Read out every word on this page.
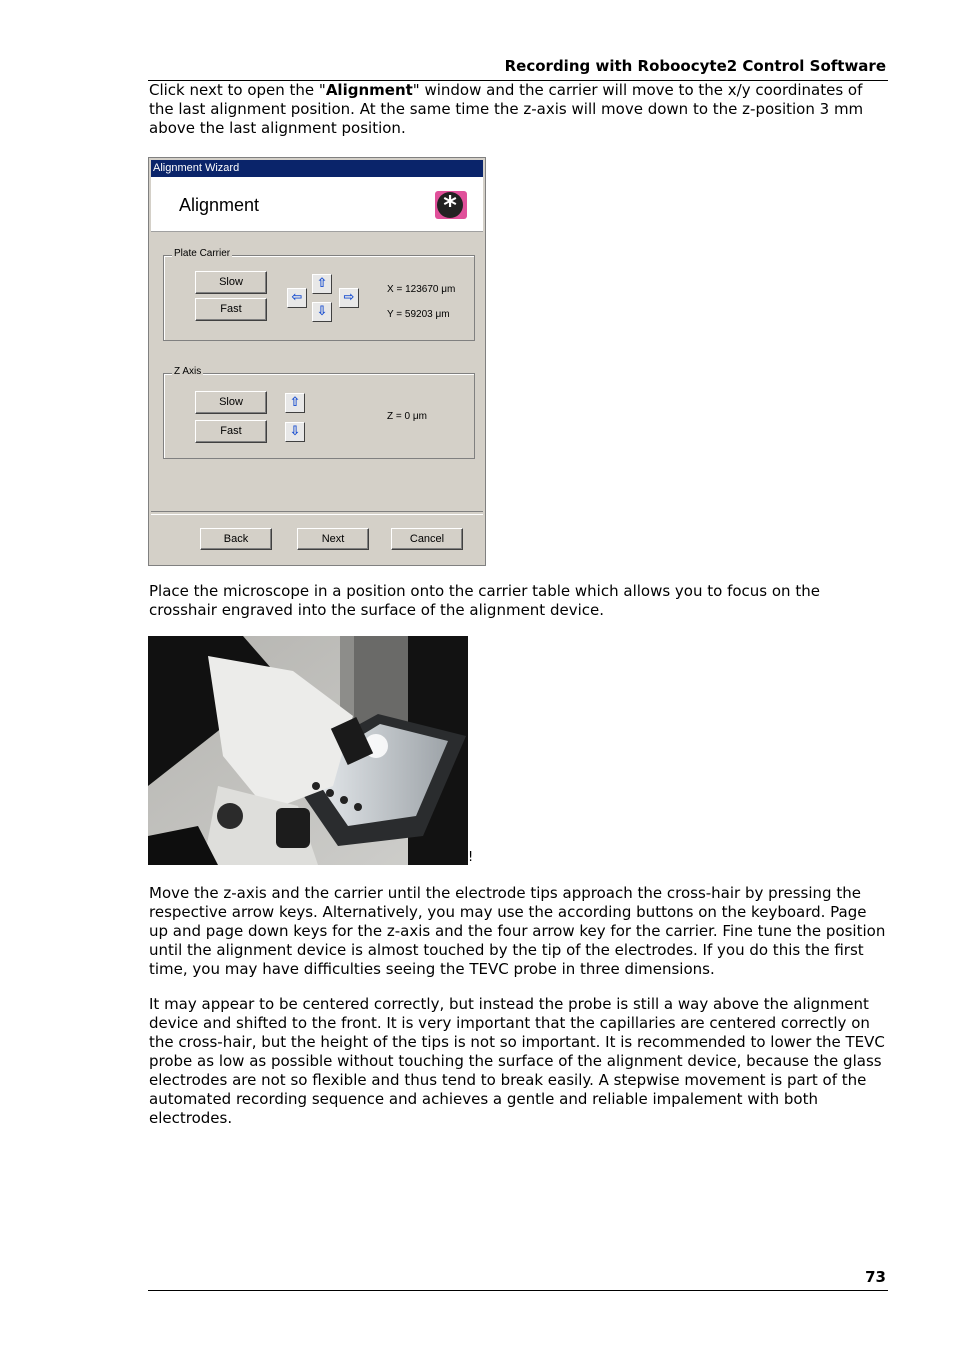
Recording with Roboocyte2 Control Software
Click next to open the "Alignment" window and the carrier will move to the x/y coordinates of the last alignment position. At the same time the z-axis will move down to the z-position 3 mm above the last alignment position.
Alignment Wizard
Alignment	*
Plate Carrier
Slow
Fast
⇧
⇦	⇨
⇩
X = 123670 μm
Y = 59203 μm
Z Axis
Slow
Fast
⇧
⇩
Z = 0 μm
Back	Next	Cancel
Place the microscope in a position onto the carrier table which allows you to focus on the crosshair engraved into the surface of the alignment device.
!
Move the z-axis and the carrier until the electrode tips approach the cross-hair by pressing the respective arrow keys. Alternatively, you may use the according buttons on the keyboard. Page up and page down keys for the z-axis and the four arrow key for the carrier. Fine tune the position until the alignment device is almost touched by the tip of the electrodes. If you do this the first time, you may have difficulties seeing the TEVC probe in three dimensions.
It may appear to be centered correctly, but instead the probe is still a way above the alignment device and shifted to the front. It is very important that the capillaries are centered correctly on the cross-hair, but the height of the tips is not so important. It is recommended to lower the TEVC probe as low as possible without touching the surface of the alignment device, because the glass electrodes are not so flexible and thus tend to break easily. A stepwise movement is part of the automated recording sequence and achieves a gentle and reliable impalement with both electrodes.
73
